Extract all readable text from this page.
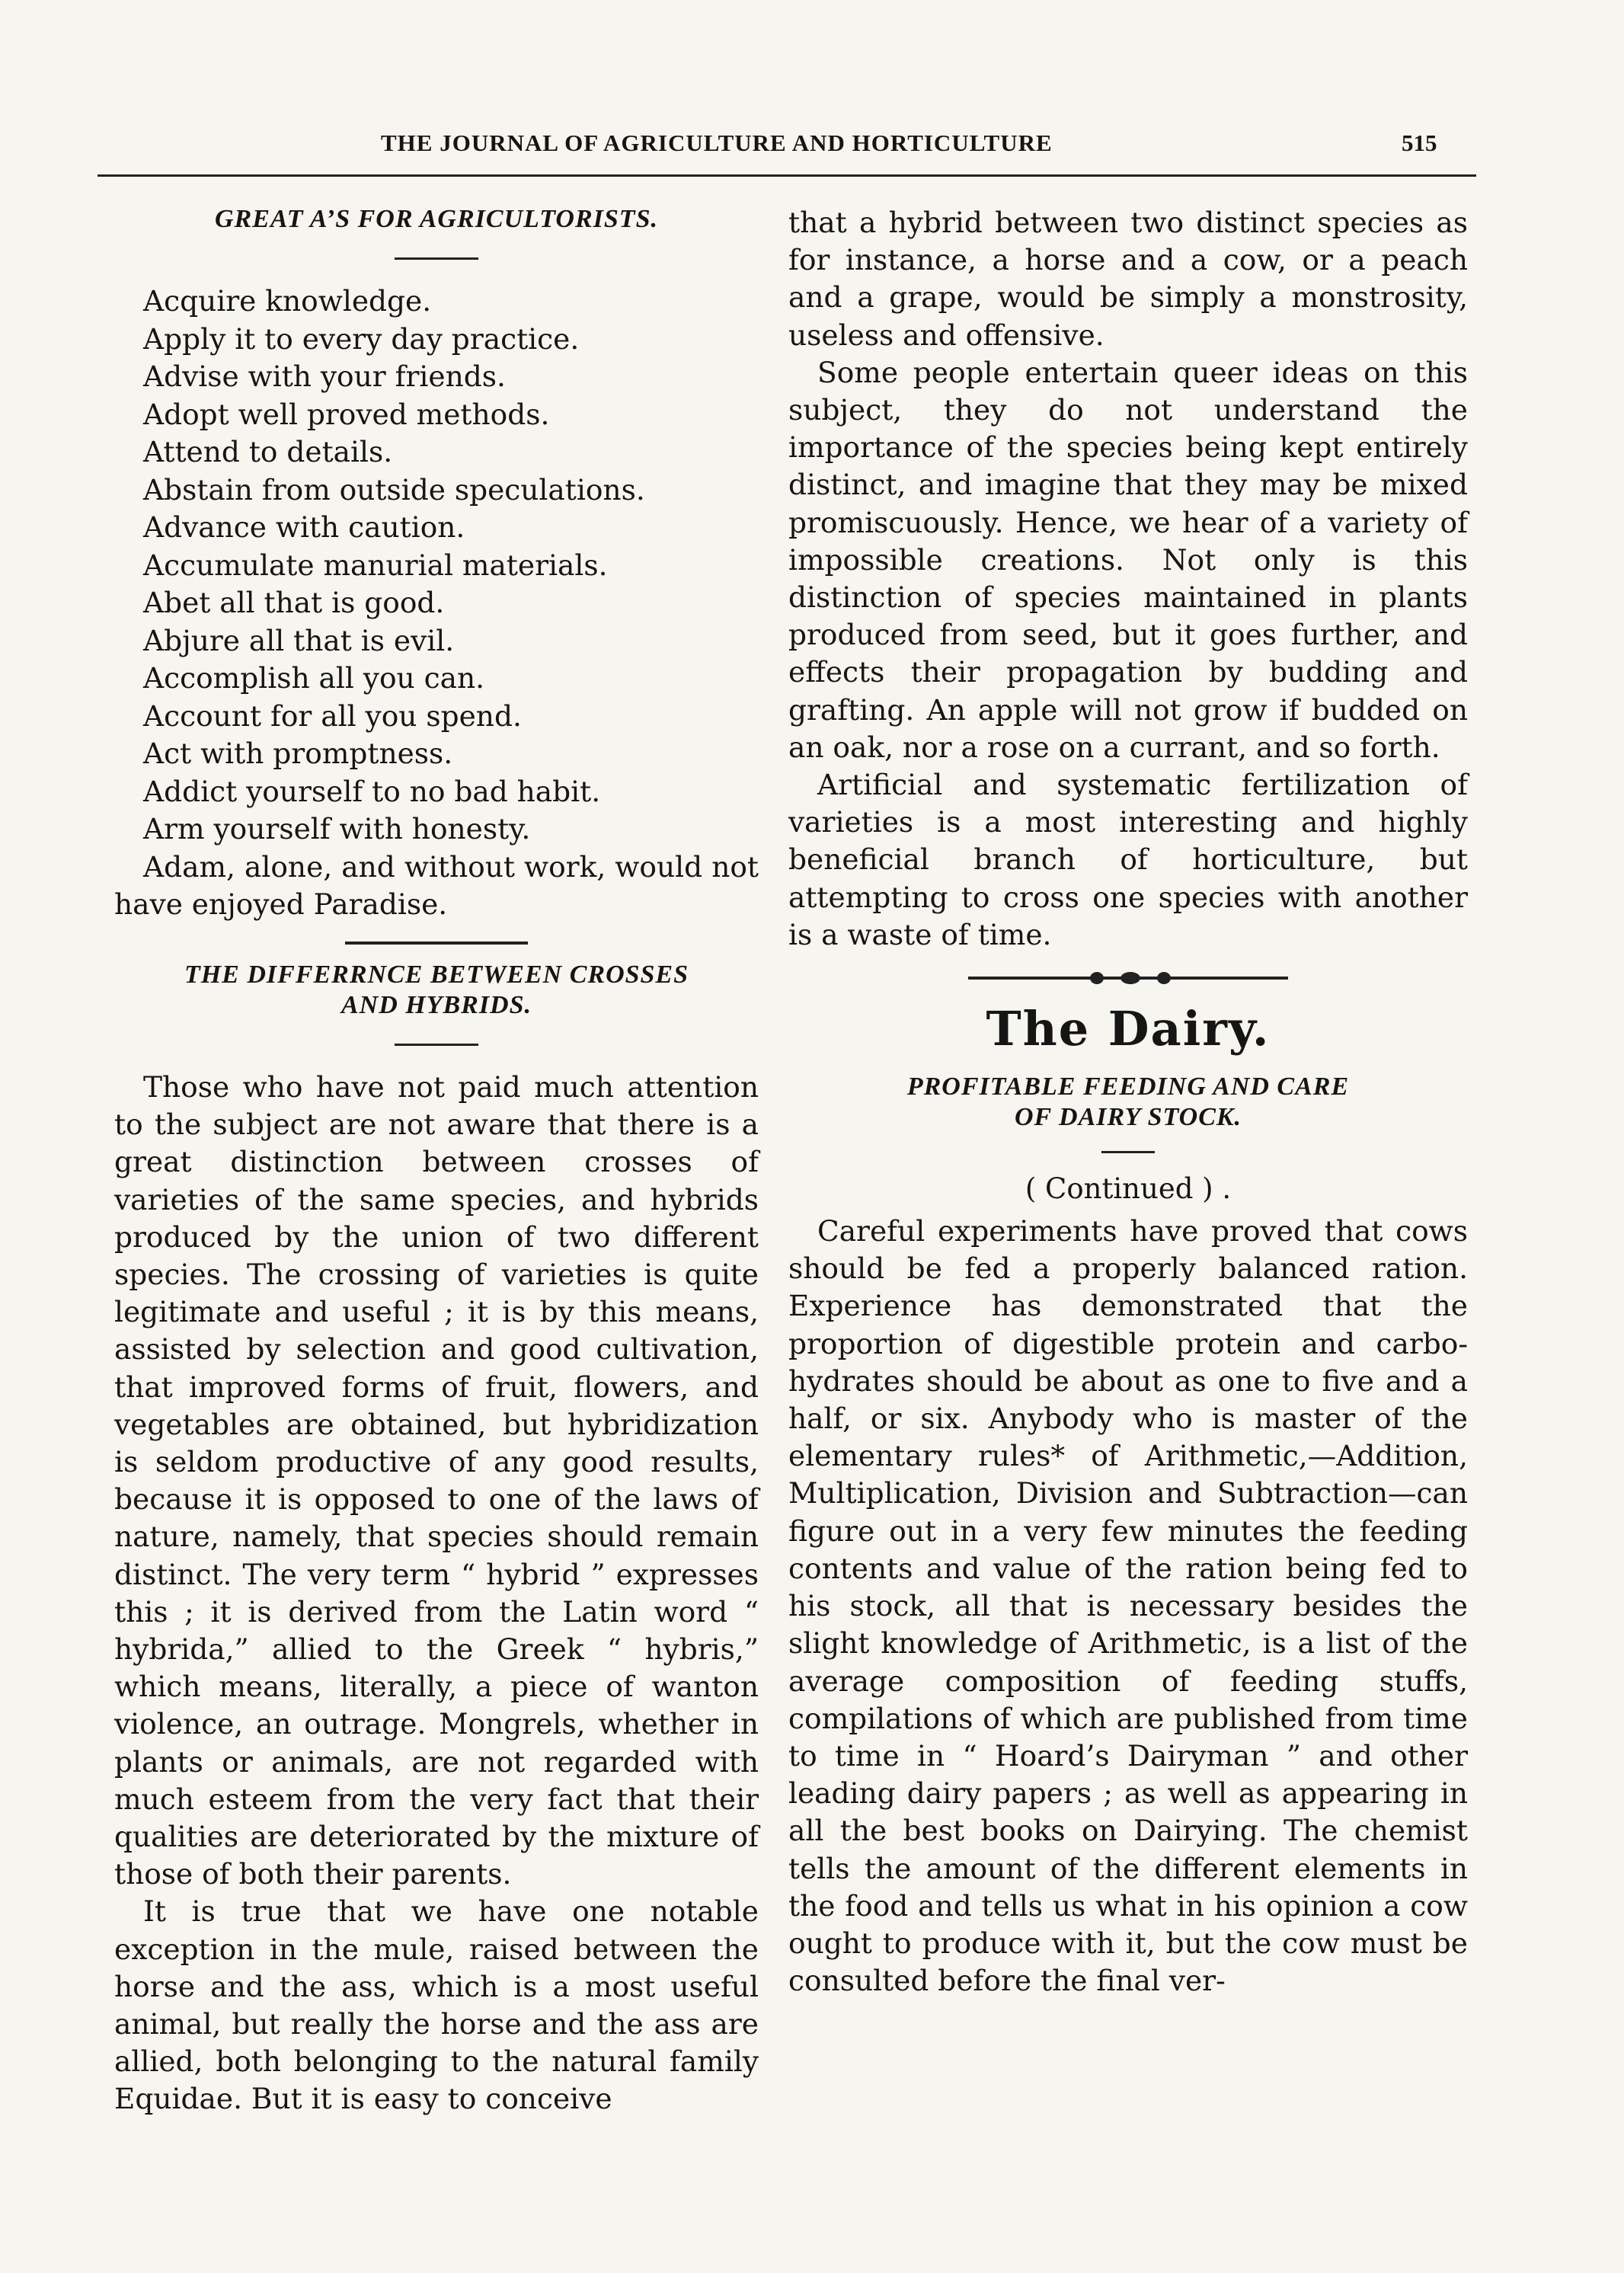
THE JOURNAL OF AGRICULTURE AND HORTICULTURE	515
GREAT A’S FOR AGRICULTORISTS.

Acquire knowledge.

Apply it to every day practice.

Advise with your friends.

Adopt well proved methods.

Attend to details.

Abstain from outside speculations.

Advance with caution.

Accumulate manurial materials.

Abet all that is good.

Abjure all that is evil.

Accomplish all you can.

Account for all you spend.

Act with promptness.

Addict yourself to no bad habit.

Arm yourself with honesty.

Adam, alone, and without work, would not have enjoyed Paradise.

THE DIFFERRNCE BETWEEN CROSSES
AND HYBRIDS.

Those who have not paid much attention to the subject are not aware that there is a great distinction between crosses of varieties of the same species, and hybrids produced by the union of two different species. The crossing of varieties is quite legitimate and useful ; it is by this means, assisted by selection and good cultivation, that improved forms of fruit, flowers, and vegetables are obtained, but hybridization is seldom productive of any good results, because it is opposed to one of the laws of nature, namely, that species should remain distinct. The very term “ hybrid ” expresses this ; it is derived from the Latin word “ hybrida,” allied to the Greek “ hybris,” which means, literally, a piece of wanton violence, an outrage. Mongrels, whether in plants or animals, are not regarded with much esteem from the very fact that their qualities are deteriorated by the mixture of those of both their parents.

It is true that we have one notable exception in the mule, raised between the horse and the ass, which is a most useful animal, but really the horse and the ass are allied, both belonging to the natural family Equidae. But it is easy to conceive

that a hybrid between two distinct species as for instance, a horse and a cow, or a peach and a grape, would be simply a monstrosity, useless and offensive.

Some people entertain queer ideas on this subject, they do not understand the importance of the species being kept entirely distinct, and imagine that they may be mixed promiscuously. Hence, we hear of a variety of impossible creations. Not only is this distinction of species maintained in plants produced from seed, but it goes further, and effects their propagation by budding and grafting. An apple will not grow if budded on an oak, nor a rose on a currant, and so forth.

Artificial and systematic fertilization of varieties is a most interesting and highly beneficial branch of horticulture, but attempting to cross one species with another is a waste of time.

The Dairy.
PROFITABLE FEEDING AND CARE
OF DAIRY STOCK.

( Continued ) .

Careful experiments have proved that cows should be fed a properly balanced ration. Experience has demonstrated that the proportion of digestible protein and carbo-hydrates should be about as one to five and a half, or six. Anybody who is master of the elementary rules* of Arithmetic,—Addition, Multiplication, Division and Subtraction—can figure out in a very few minutes the feeding contents and value of the ration being fed to his stock, all that is necessary besides the slight knowledge of Arithmetic, is a list of the average composition of feeding stuffs, compilations of which are published from time to time in “ Hoard’s Dairyman ” and other leading dairy papers ; as well as appearing in all the best books on Dairying. The chemist tells the amount of the different elements in the food and tells us what in his opinion a cow ought to produce with it, but the cow must be consulted before the final ver-
